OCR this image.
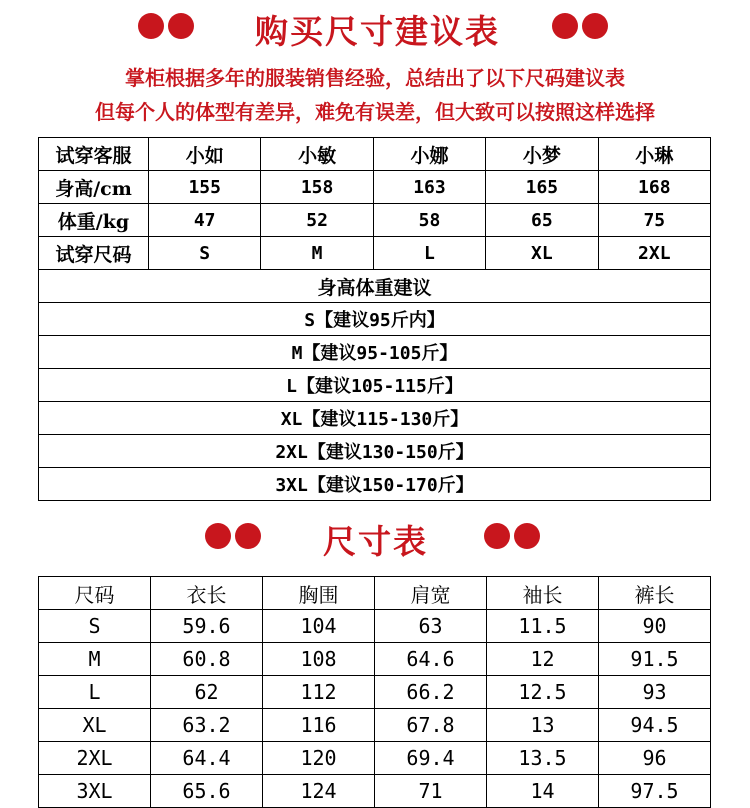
购买尺寸建议表
掌柜根据多年的服装销售经验，总结出了以下尺码建议表
但每个人的体型有差异，难免有误差，但大致可以按照这样选择
试穿客服	小如	小敏	小娜	小梦	小琳
身高/cm	155	158	163	165	168
体重/kg	47	52	58	65	75
试穿尺码	S	M	L	XL	2XL
身高体重建议					
S【建议95斤内】					
M【建议95-105斤】					
L【建议105-115斤】					
XL【建议115-130斤】					
2XL【建议130-150斤】					
3XL【建议150-170斤】					
尺寸表
尺码	衣长	胸围	肩宽	袖长	裤长
S	59.6	104	63	11.5	90
M	60.8	108	64.6	12	91.5
L	62	112	66.2	12.5	93
XL	63.2	116	67.8	13	94.5
2XL	64.4	120	69.4	13.5	96
3XL	65.6	124	71	14	97.5
